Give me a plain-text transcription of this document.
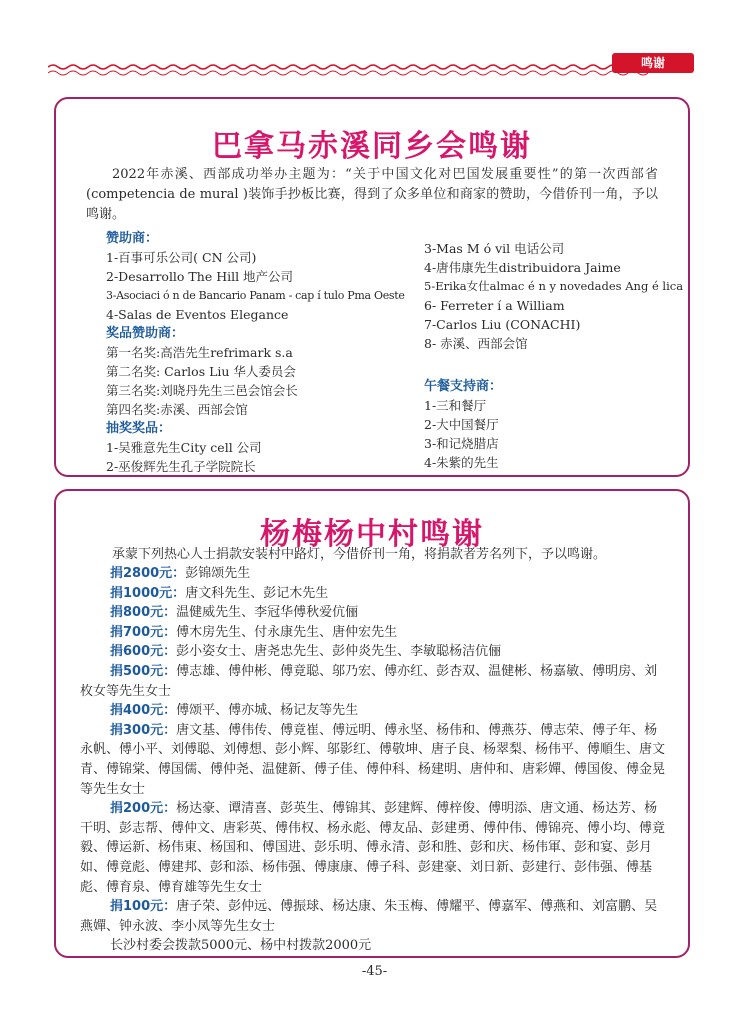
鸣谢
巴拿马赤溪同乡会鸣谢
2022年赤溪、西部成功举办主题为：“关于中国文化对巴国发展重要性”的第一次西部省(competencia de mural )装饰手抄板比赛，得到了众多单位和商家的赞助，今借侨刊一角，予以鸣谢。
赞助商：
1-百事可乐公司( CN 公司)
2-Desarrollo The Hill 地产公司
3-Asociaci ó n de Bancario Panam - cap í tulo Pma Oeste
4-Salas de Eventos Elegance
奖品赞助商：
第一名奖:高浩先生refrimark s.a
第二名奖: Carlos Liu 华人委员会
第三名奖:刘晓丹先生三邑会馆会长
第四名奖:赤溪、西部会馆
抽奖奖品：
1-吴雅意先生City cell 公司
2-巫俊辉先生孔子学院院长
3-Mas M ó vil 电话公司
4-唐伟康先生distribuidora Jaime
5-Erika女仕almac é n y novedades Ang é lica
6- Ferreter í a William
7-Carlos Liu (CONACHI)
8- 赤溪、西部会馆
午餐支持商：
1-三和餐厅
2-大中国餐厅
3-和记烧腊店
4-朱紫的先生
杨梅杨中村鸣谢
承蒙下列热心人士捐款安装村中路灯，今借侨刊一角，将捐款者芳名列下，予以鸣谢。
捐2800元：彭锦颂先生
捐1000元：唐文科先生、彭记木先生
捐800元：温健威先生、李冠华傅秋爱伉俪
捐700元：傅木房先生、付永康先生、唐仲宏先生
捐600元：彭小姿女士、唐尧忠先生、彭仲炎先生、李敏聪杨洁伉俪
捐500元：傅志雄、傅仲彬、傅竟聪、邬乃宏、傅亦红、彭杏双、温健彬、杨嘉敏、傅明房、刘枚女等先生女士
捐400元：傅颂平、傅亦城、杨记友等先生
捐300元：唐文基、傅伟传、傅竟崔、傅远明、傅永坚、杨伟和、傅燕芬、傅志荣、傅子年、杨永帆、傅小平、刘傅聪、刘傅想、彭小辉、邬影红、傅敬坤、唐子良、杨翠梨、杨伟平、傅順生、唐文青、傅锦棠、傅国儒、傅仲尧、温健新、傅子佳、傅仲科、杨建明、唐仲和、唐彩嬋、傅国俊、傅金晃等先生女士
捐200元：杨达豪、谭清喜、彭英生、傅锦其、彭建辉、傅梓俊、傅明添、唐文通、杨达芳、杨干明、彭志帮、傅仲文、唐彩英、傅伟权、杨永彪、傅友品、彭建勇、傅仲伟、傅锦亮、傅小均、傅竟毅、傅运新、杨伟東、杨国和、傅国进、彭乐明、傅永清、彭和胜、彭和庆、杨伟軍、彭和宴、彭月如、傅竟彪、傅建邦、彭和添、杨伟强、傅康康、傅子科、彭建豪、刘日新、彭建行、彭伟强、傅基彪、傅育泉、傅育雄等先生女士
捐100元：唐子荣、彭仲远、傅振球、杨达康、朱玉梅、傅耀平、傅嘉军、傅燕和、刘富鹏、吴燕嬋、钟永波、李小凤等先生女士
长沙村委会拨款5000元、杨中村拨款2000元
-45-
